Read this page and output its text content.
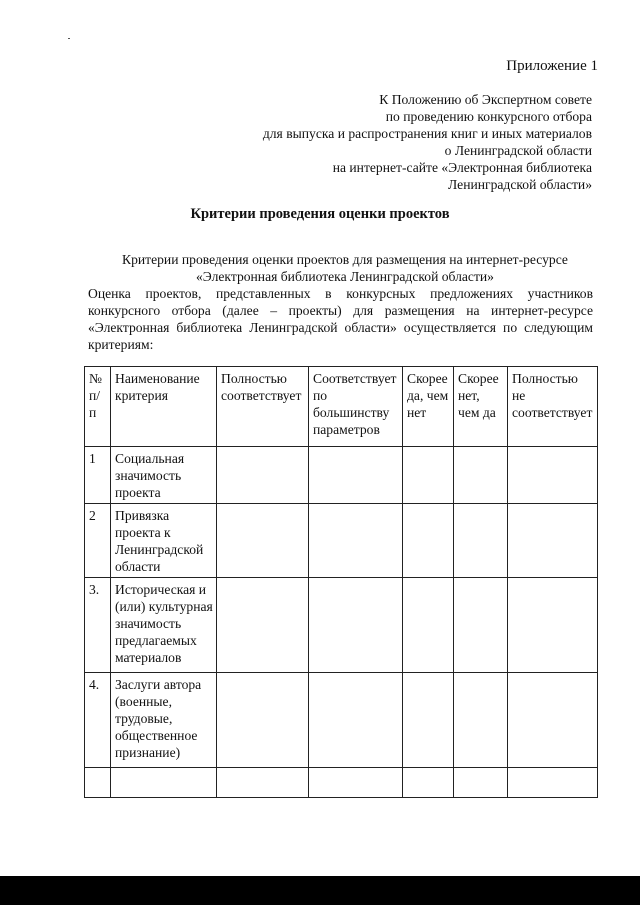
Приложение 1
К Положению об Экспертном совете
по проведению конкурсного отбора
для выпуска и распространения книг и иных материалов
о Ленинградской области
на интернет-сайте «Электронная библиотека
Ленинградской области»
Критерии проведения оценки проектов
Критерии проведения оценки проектов для размещения на интернет-ресурсе «Электронная библиотека Ленинградской области»
Оценка проектов, представленных в конкурсных предложениях участников конкурсного отбора (далее – проекты) для размещения на интернет-ресурсе «Электронная библиотека Ленинградской области» осуществляется по следующим критериям:
№ п/п	Наименование критерия	Полностью соответствует	Соответствует по большинству параметров	Скорее да, чем нет	Скорее нет, чем да	Полностью не соответствует
1	Социальная значимость проекта					
2	Привязка проекта к Ленинградской области					
3.	Историческая и (или) культурная значимость предлагаемых материалов					
4.	Заслуги автора (военные, трудовые, общественное признание)					
